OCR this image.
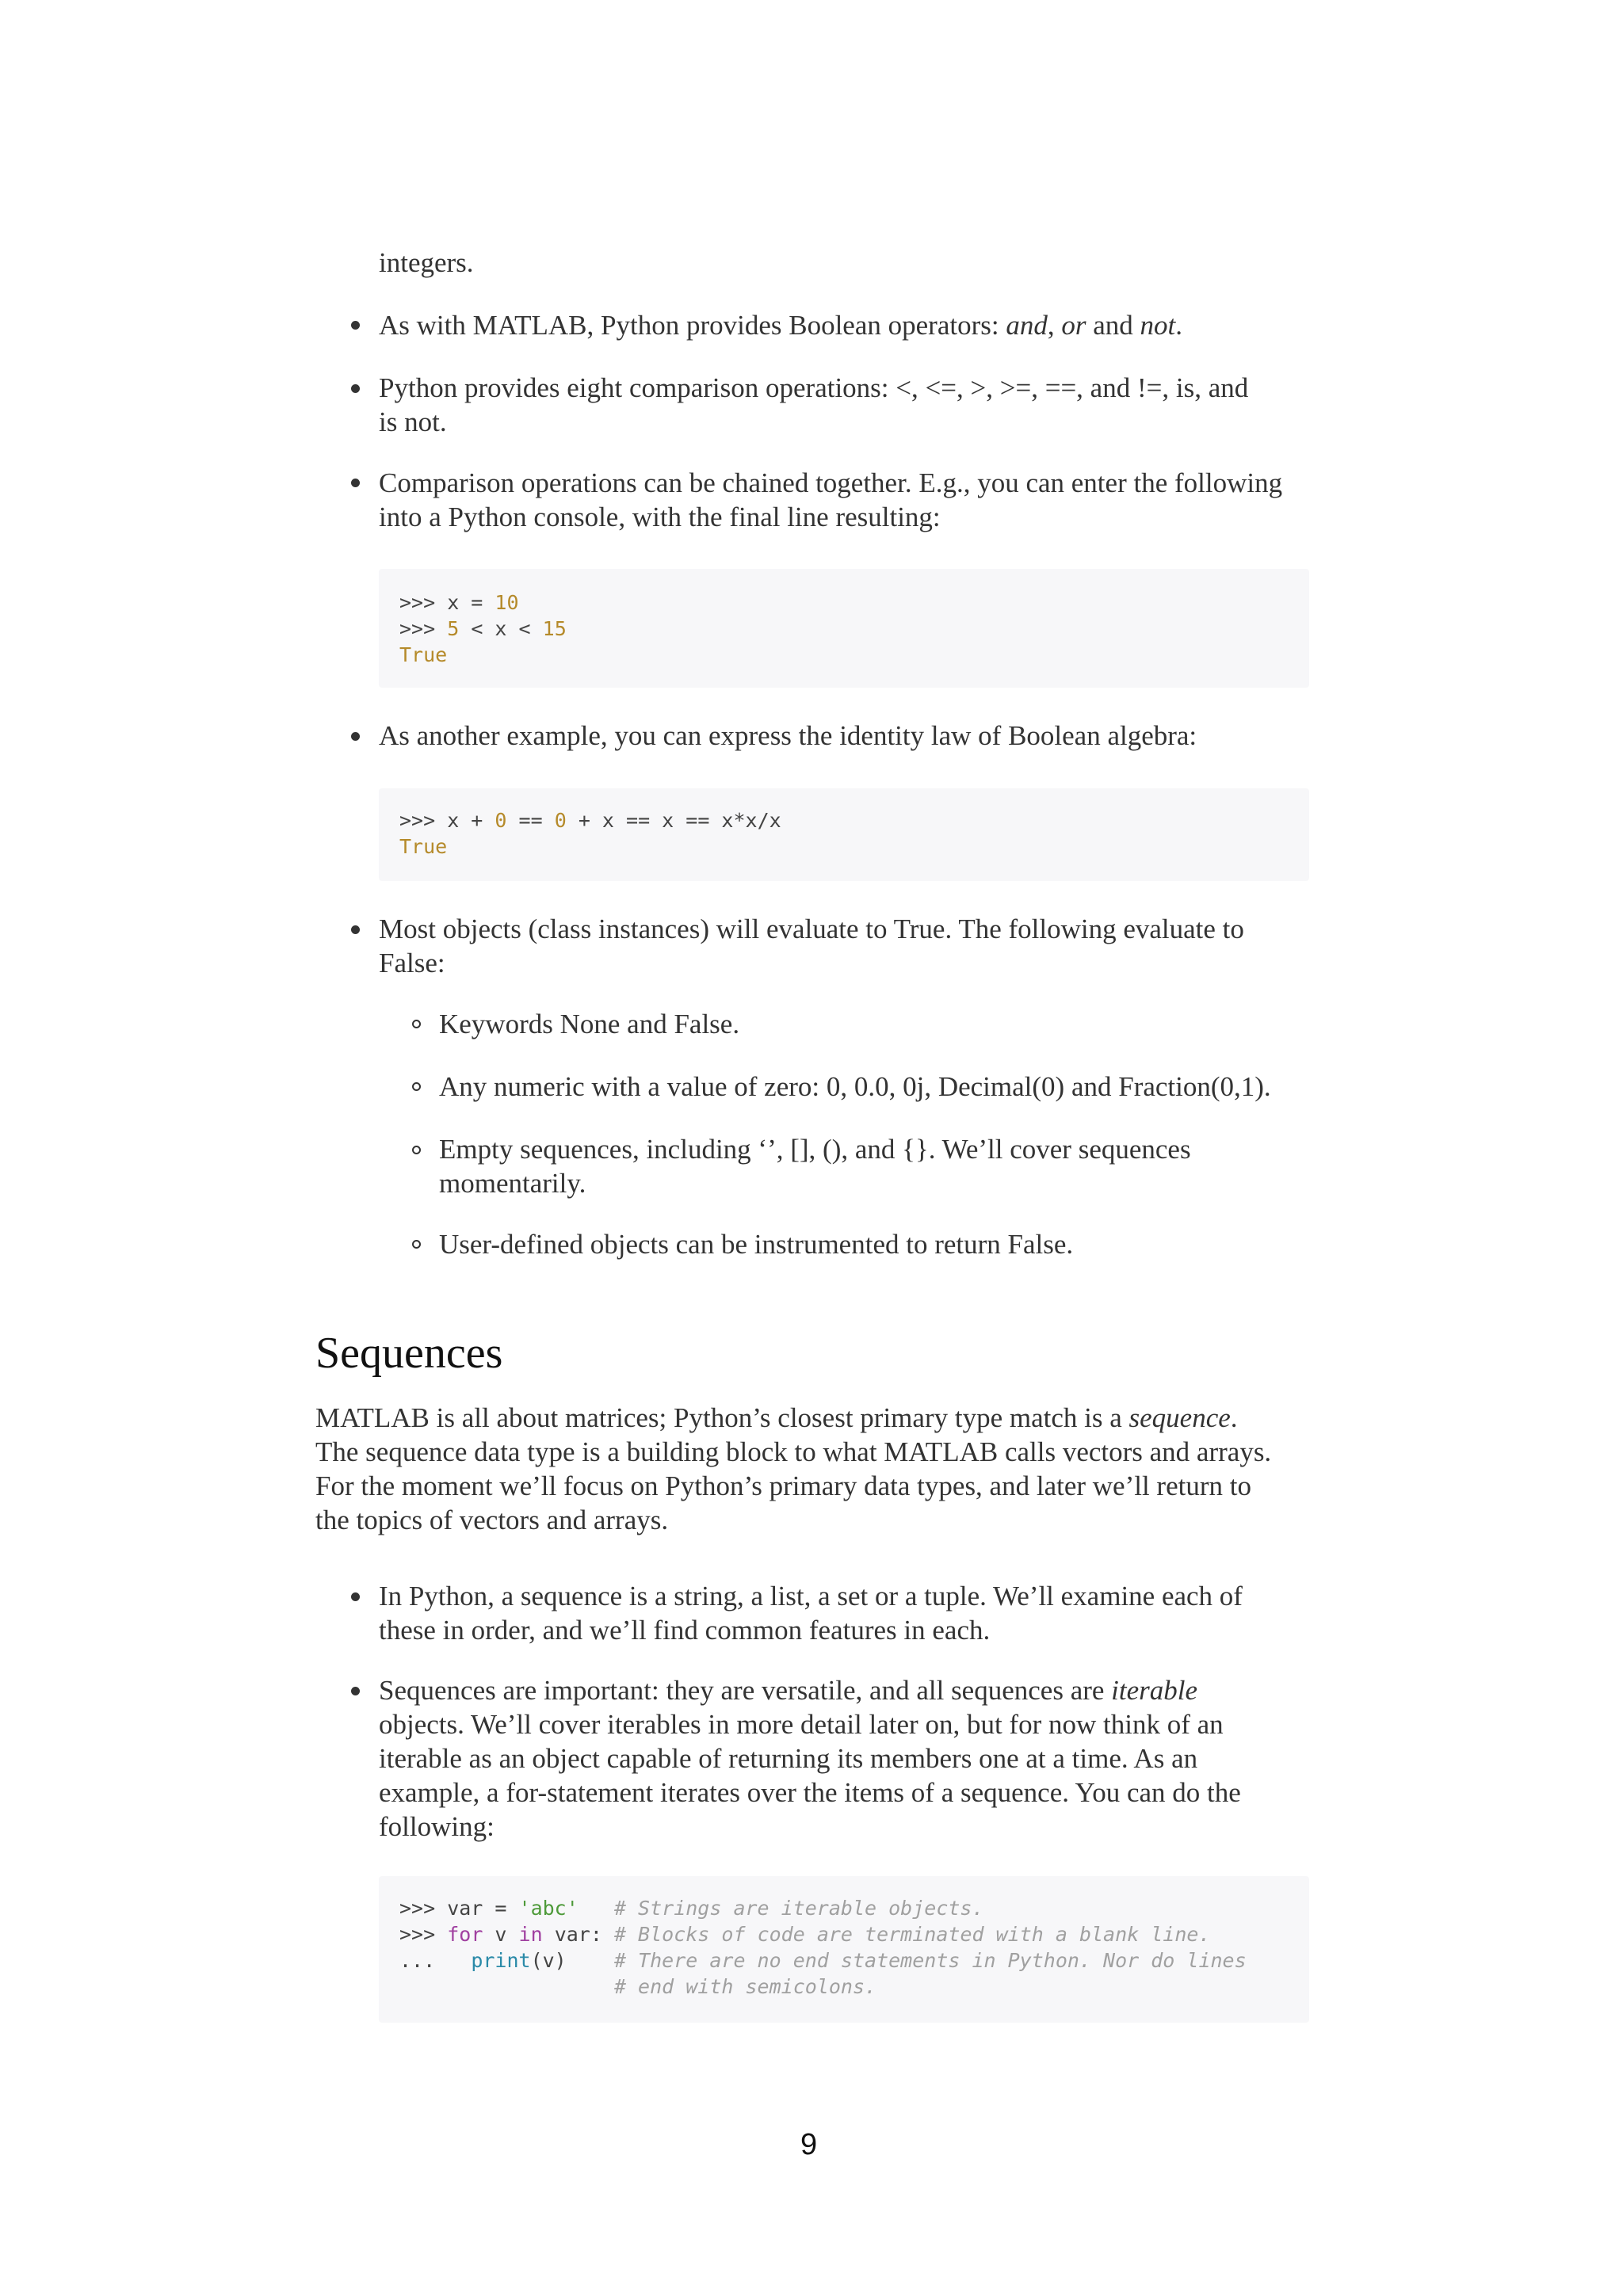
integers.
As with MATLAB, Python provides Boolean operators: and, or and not.
Python provides eight comparison operations: <, <=, >, >=, ==, and !=, is, and
is not.
Comparison operations can be chained together. E.g., you can enter the following
into a Python console, with the final line resulting:
>>> x = 10
>>> 5 < x < 15
True
As another example, you can express the identity law of Boolean algebra:
>>> x + 0 == 0 + x == x == x*x/x
True
Most objects (class instances) will evaluate to True. The following evaluate to
False:
Keywords None and False.
Any numeric with a value of zero: 0, 0.0, 0j, Decimal(0) and Fraction(0,1).
Empty sequences, including ‘’, [], (), and {}. We’ll cover sequences
momentarily.
User-defined objects can be instrumented to return False.
Sequences
MATLAB is all about matrices; Python’s closest primary type match is a sequence.
The sequence data type is a building block to what MATLAB calls vectors and arrays.
For the moment we’ll focus on Python’s primary data types, and later we’ll return to
the topics of vectors and arrays.
In Python, a sequence is a string, a list, a set or a tuple. We’ll examine each of
these in order, and we’ll find common features in each.
Sequences are important: they are versatile, and all sequences are iterable
objects. We’ll cover iterables in more detail later on, but for now think of an
iterable as an object capable of returning its members one at a time. As an
example, a for-statement iterates over the items of a sequence. You can do the
following:
>>> var = 'abc' # Strings are iterable objects.
>>> for v in var: # Blocks of code are terminated with a blank line.
...   print(v)    # There are no end statements in Python. Nor do lines
# end with semicolons.
9
